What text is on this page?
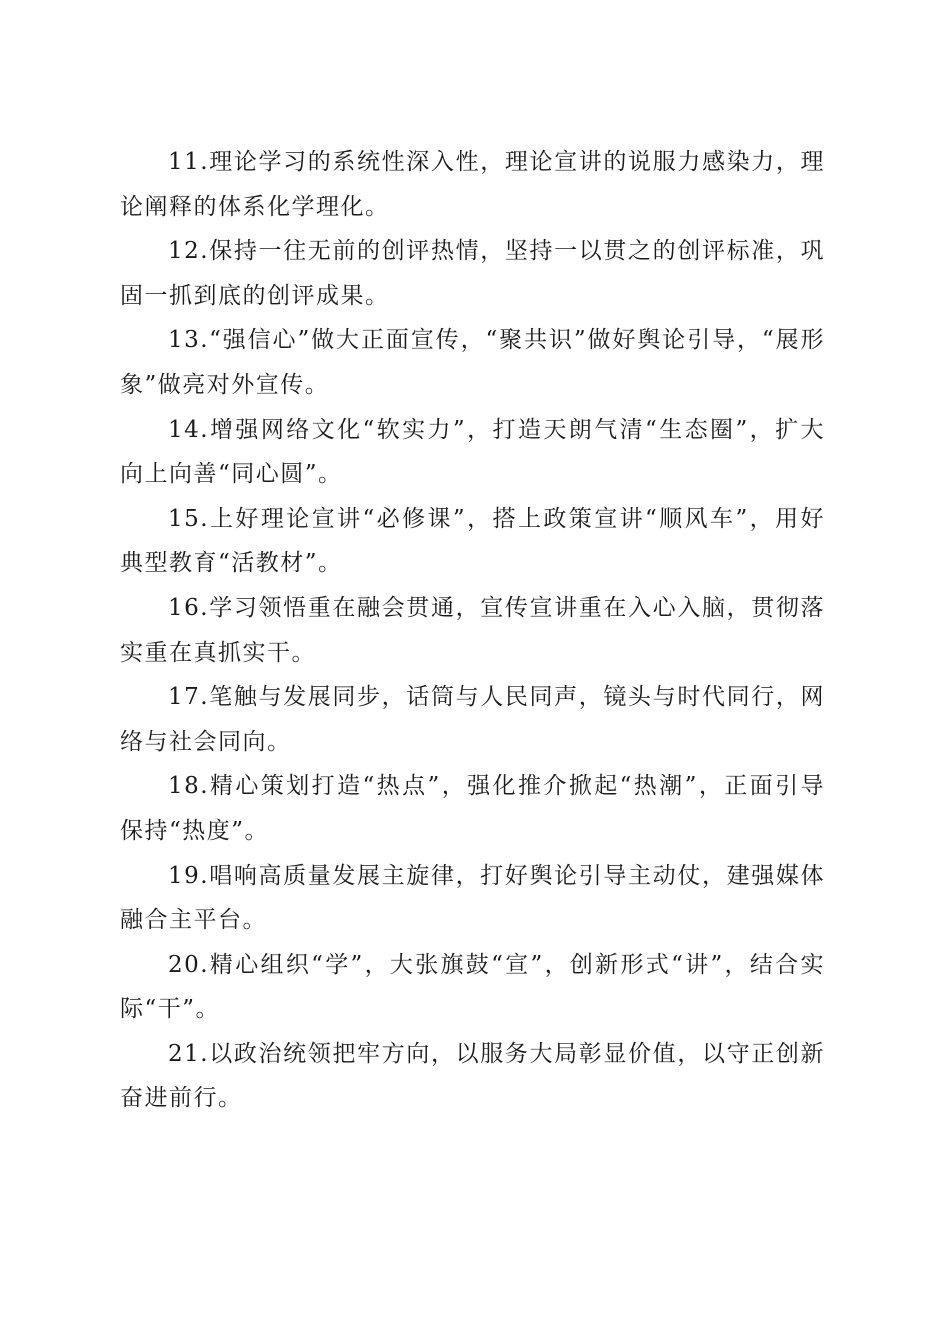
11.理论学习的系统性深入性，理论宣讲的说服力感染力，理论阐释的体系化学理化。

12.保持一往无前的创评热情，坚持一以贯之的创评标准，巩固一抓到底的创评成果。

13.“强信心”做大正面宣传，“聚共识”做好舆论引导，“展形象”做亮对外宣传。

14.增强网络文化“软实力”，打造天朗气清“生态圈”，扩大向上向善“同心圆”。

15.上好理论宣讲“必修课”，搭上政策宣讲“顺风车”，用好典型教育“活教材”。

16.学习领悟重在融会贯通，宣传宣讲重在入心入脑，贯彻落实重在真抓实干。

17.笔触与发展同步，话筒与人民同声，镜头与时代同行，网络与社会同向。

18.精心策划打造“热点”，强化推介掀起“热潮”，正面引导保持“热度”。

19.唱响高质量发展主旋律，打好舆论引导主动仗，建强媒体融合主平台。

20.精心组织“学”，大张旗鼓“宣”，创新形式“讲”，结合实际“干”。

21.以政治统领把牢方向，以服务大局彰显价值，以守正创新奋进前行。
